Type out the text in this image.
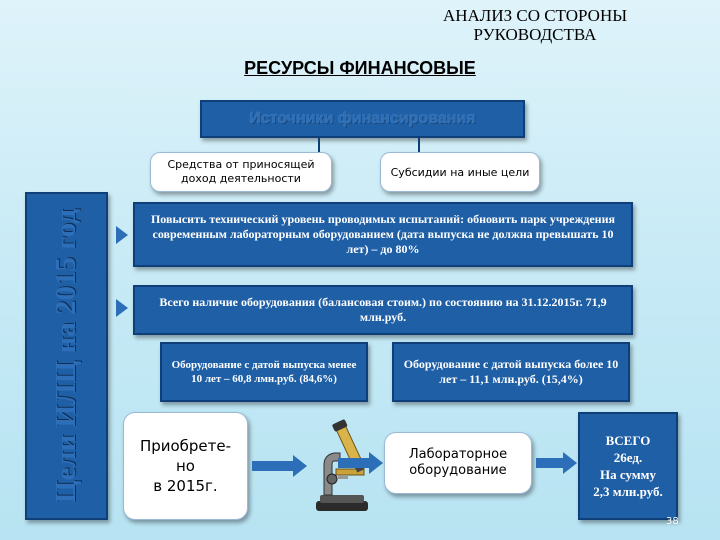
АНАЛИЗ СО СТОРОНЫ
РУКОВОДСТВА
РЕСУРСЫ ФИНАНСОВЫЕ
Источники финансирования
Средства от приносящей
доход деятельности	Субсидии на иные цели
Цели ИЛЦ на 2015 год	Повысить технический уровень проводимых испытаний: обновить парк учреждения современным лабораторным оборудованием (дата выпуска не должна превышать 10 лет) – до 80%
Всего наличие оборудования (балансовая стоим.) по состоянию на 31.12.2015г. 71,9 млн.руб.
Оборудование с датой выпуска менее 10 лет – 60,8 лмн.руб. (84,6%)
Оборудование с датой выпуска более 10 лет – 11,1 млн.руб. (15,4%)
Приобрете-
но
в 2015г.
Лабораторное
оборудование
ВСЕГО
26ед.
На сумму
2,3 млн.руб.
38
